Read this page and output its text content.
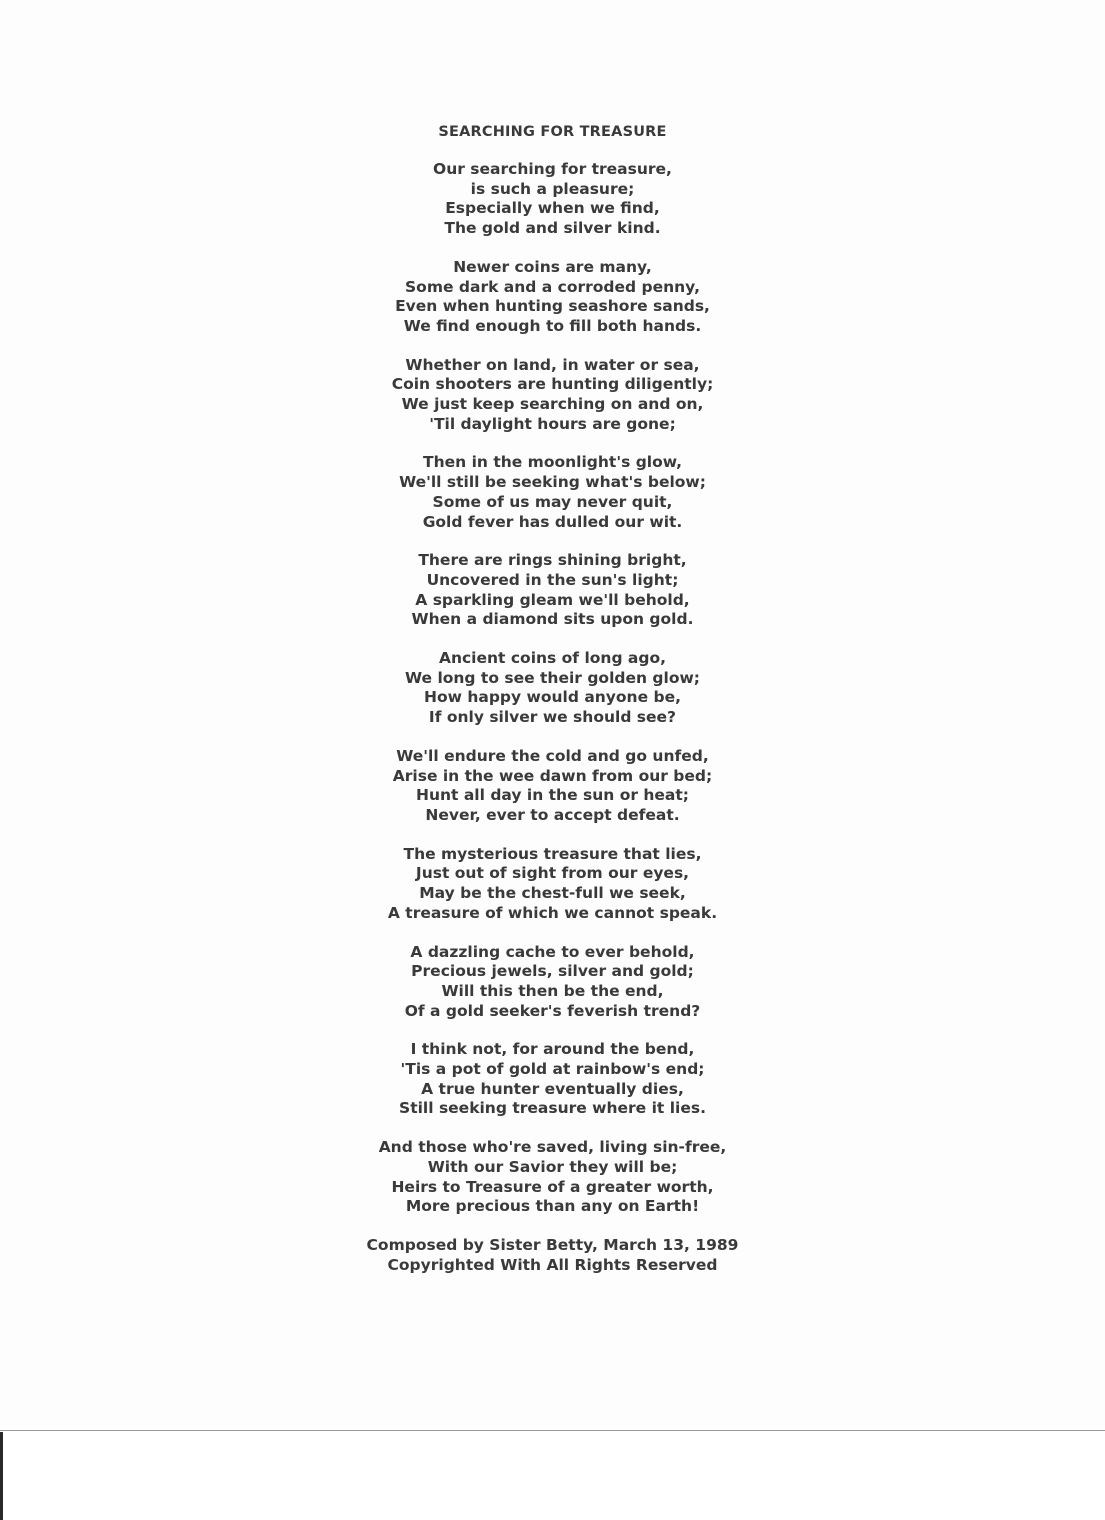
SEARCHING FOR TREASURE
Our searching for treasure,
is such a pleasure;
Especially when we find,
The gold and silver kind.
Newer coins are many,
Some dark and a corroded penny,
Even when hunting seashore sands,
We find enough to fill both hands.
Whether on land, in water or sea,
Coin shooters are hunting diligently;
We just keep searching on and on,
'Til daylight hours are gone;
Then in the moonlight's glow,
We'll still be seeking what's below;
Some of us may never quit,
Gold fever has dulled our wit.
There are rings shining bright,
Uncovered in the sun's light;
A sparkling gleam we'll behold,
When a diamond sits upon gold.
Ancient coins of long ago,
We long to see their golden glow;
How happy would anyone be,
If only silver we should see?
We'll endure the cold and go unfed,
Arise in the wee dawn from our bed;
Hunt all day in the sun or heat;
Never, ever to accept defeat.
The mysterious treasure that lies,
Just out of sight from our eyes,
May be the chest-full we seek,
A treasure of which we cannot speak.
A dazzling cache to ever behold,
Precious jewels, silver and gold;
Will this then be the end,
Of a gold seeker's feverish trend?
I think not, for around the bend,
'Tis a pot of gold at rainbow's end;
A true hunter eventually dies,
Still seeking treasure where it lies.
And those who're saved, living sin-free,
With our Savior they will be;
Heirs to Treasure of a greater worth,
More precious than any on Earth!
Composed by Sister Betty, March 13, 1989
Copyrighted With All Rights Reserved
